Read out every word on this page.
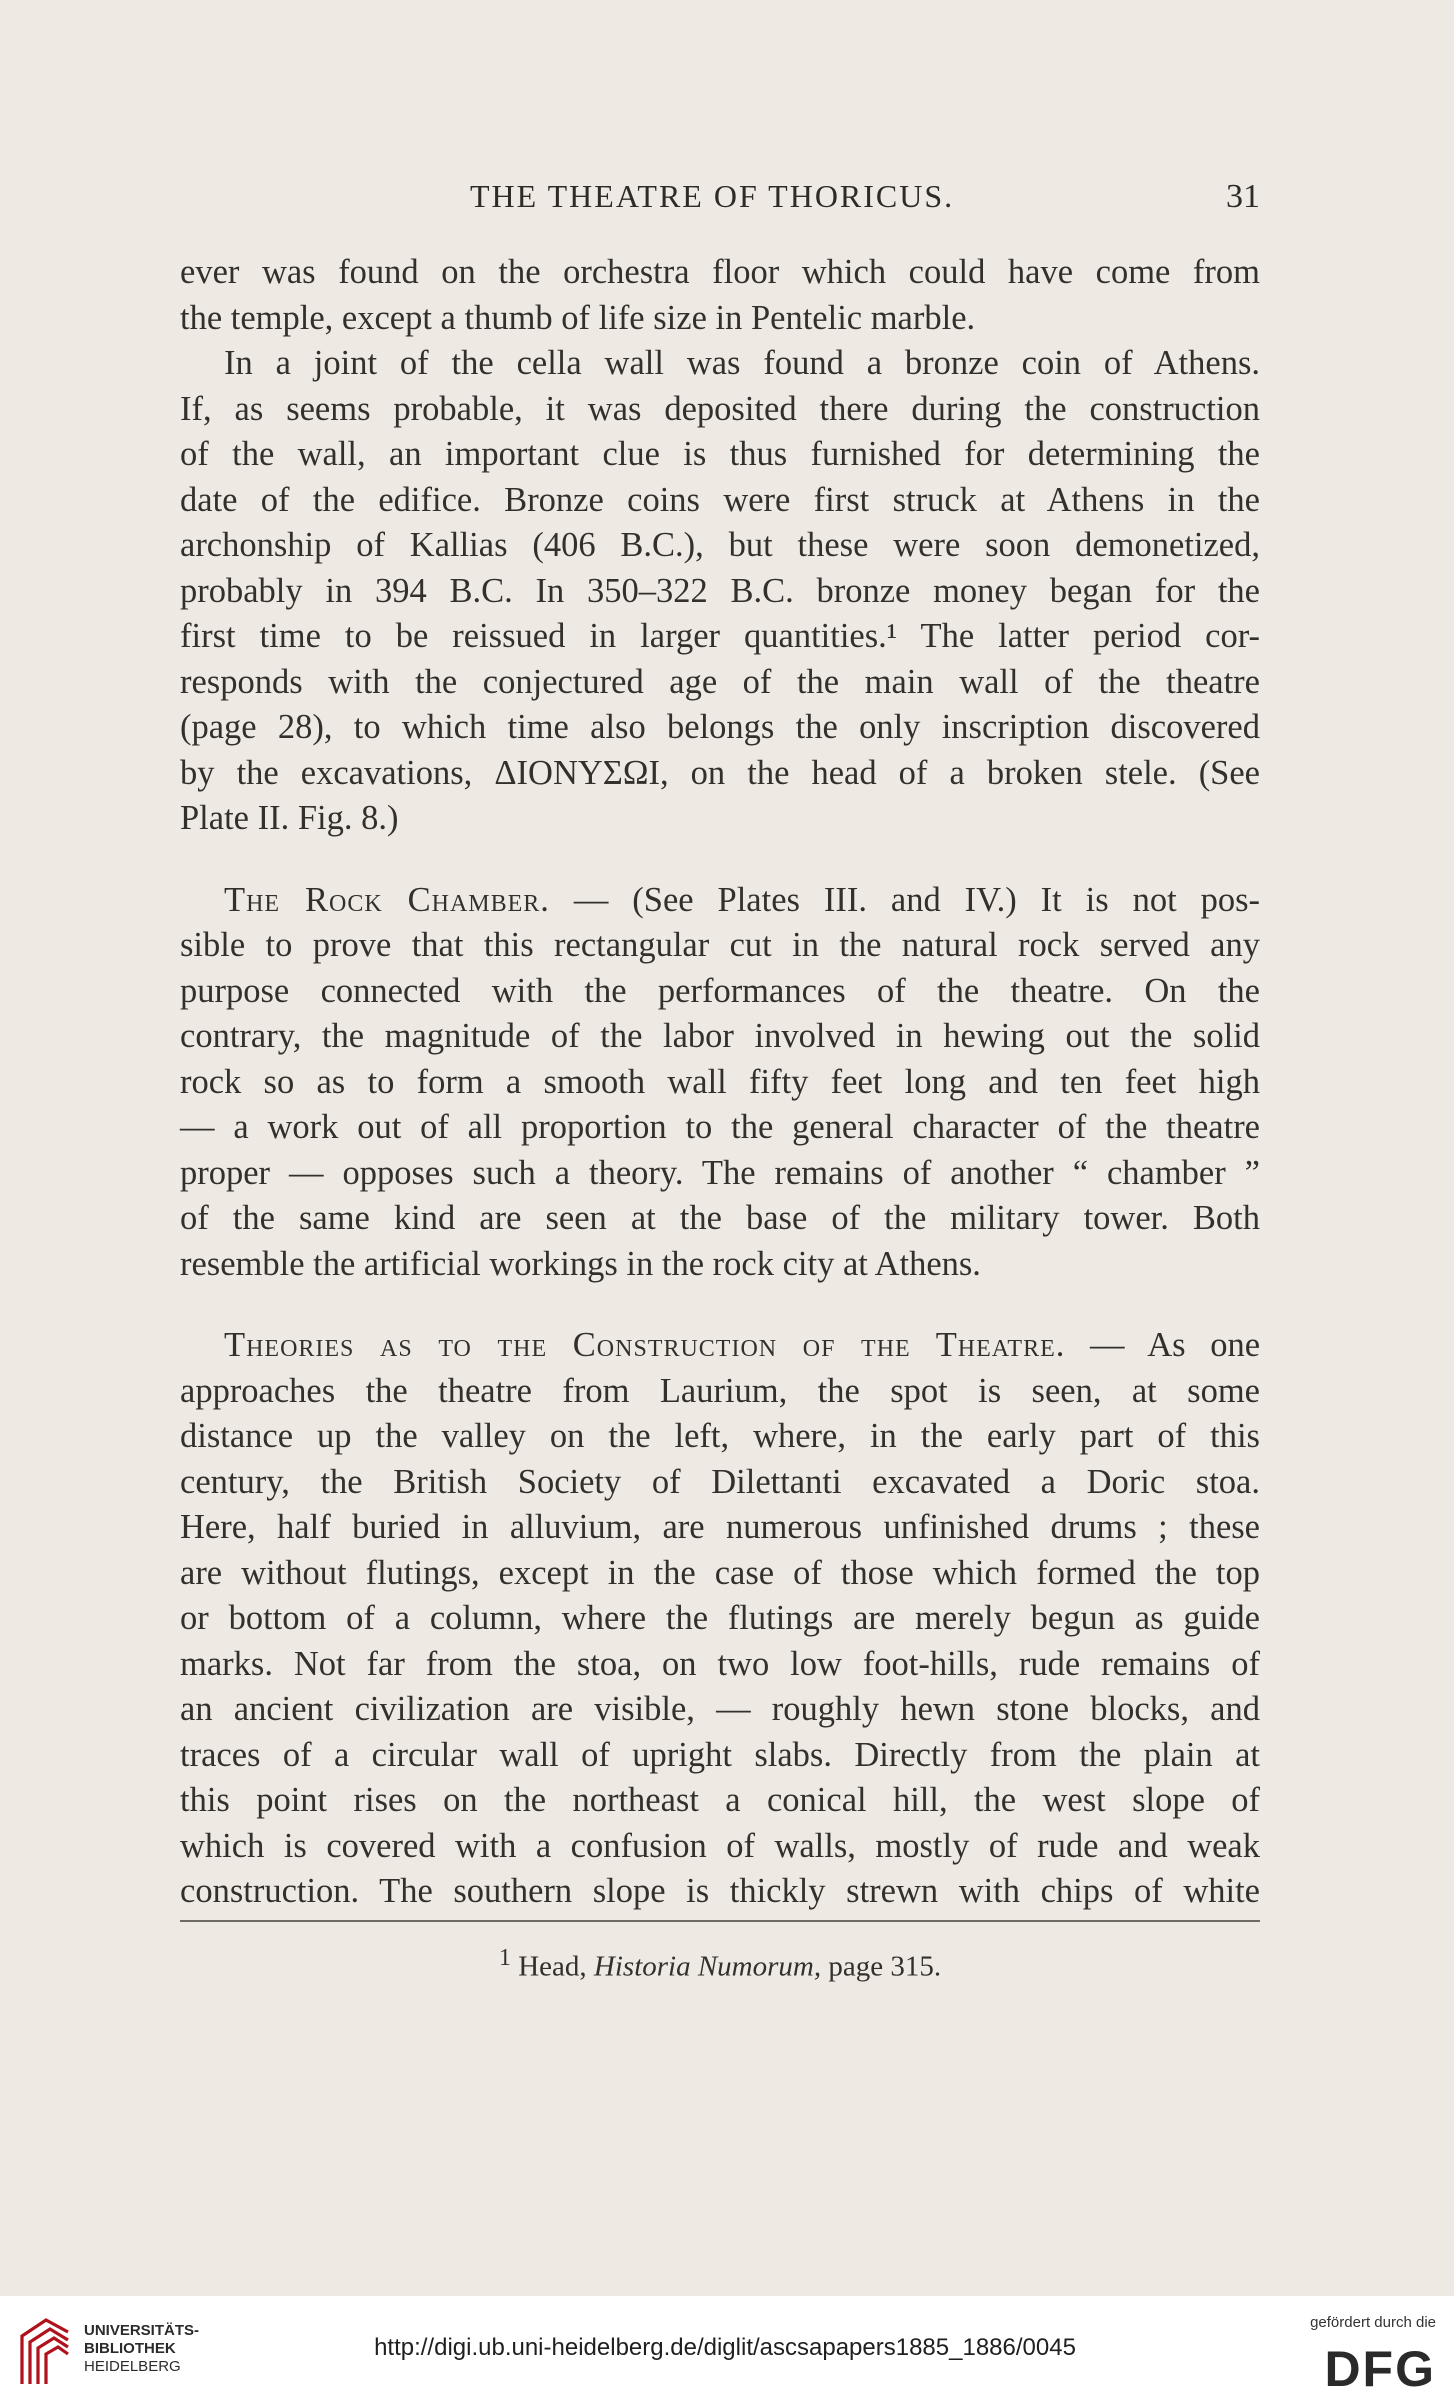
THE THEATRE OF THORICUS.	31
ever was found on the orchestra floor which could have come from
the temple, except a thumb of life size in Pentelic marble.
In a joint of the cella wall was found a bronze coin of Athens.
If, as seems probable, it was deposited there during the construction
of the wall, an important clue is thus furnished for determining the
date of the edifice. Bronze coins were first struck at Athens in the
archonship of Kallias (406 B.C.), but these were soon demonetized,
probably in 394 B.C. In 350–322 B.C. bronze money began for the
first time to be reissued in larger quantities.¹ The latter period cor-
responds with the conjectured age of the main wall of the theatre
(page 28), to which time also belongs the only inscription discovered
by the excavations, ΔΙΟΝΥΣΩΙ, on the head of a broken stele. (See
Plate II. Fig. 8.)
The Rock Chamber. — (See Plates III. and IV.) It is not pos-
sible to prove that this rectangular cut in the natural rock served any
purpose connected with the performances of the theatre. On the
contrary, the magnitude of the labor involved in hewing out the solid
rock so as to form a smooth wall fifty feet long and ten feet high
— a work out of all proportion to the general character of the theatre
proper — opposes such a theory. The remains of another “ chamber ”
of the same kind are seen at the base of the military tower. Both
resemble the artificial workings in the rock city at Athens.
Theories as to the Construction of the Theatre. — As one
approaches the theatre from Laurium, the spot is seen, at some
distance up the valley on the left, where, in the early part of this
century, the British Society of Dilettanti excavated a Doric stoa.
Here, half buried in alluvium, are numerous unfinished drums ; these
are without flutings, except in the case of those which formed the top
or bottom of a column, where the flutings are merely begun as guide
marks. Not far from the stoa, on two low foot-hills, rude remains of
an ancient civilization are visible, — roughly hewn stone blocks, and
traces of a circular wall of upright slabs. Directly from the plain at
this point rises on the northeast a conical hill, the west slope of
which is covered with a confusion of walls, mostly of rude and weak
construction. The southern slope is thickly strewn with chips of white
$^1$ Head, Historia Numorum, page 315.
UNIVERSITÄTS-
BIBLIOTHEK
HEIDELBERG
http://digi.ub.uni-heidelberg.de/diglit/ascsapapers1885_1886/0045
gefördert durch die
DFG
